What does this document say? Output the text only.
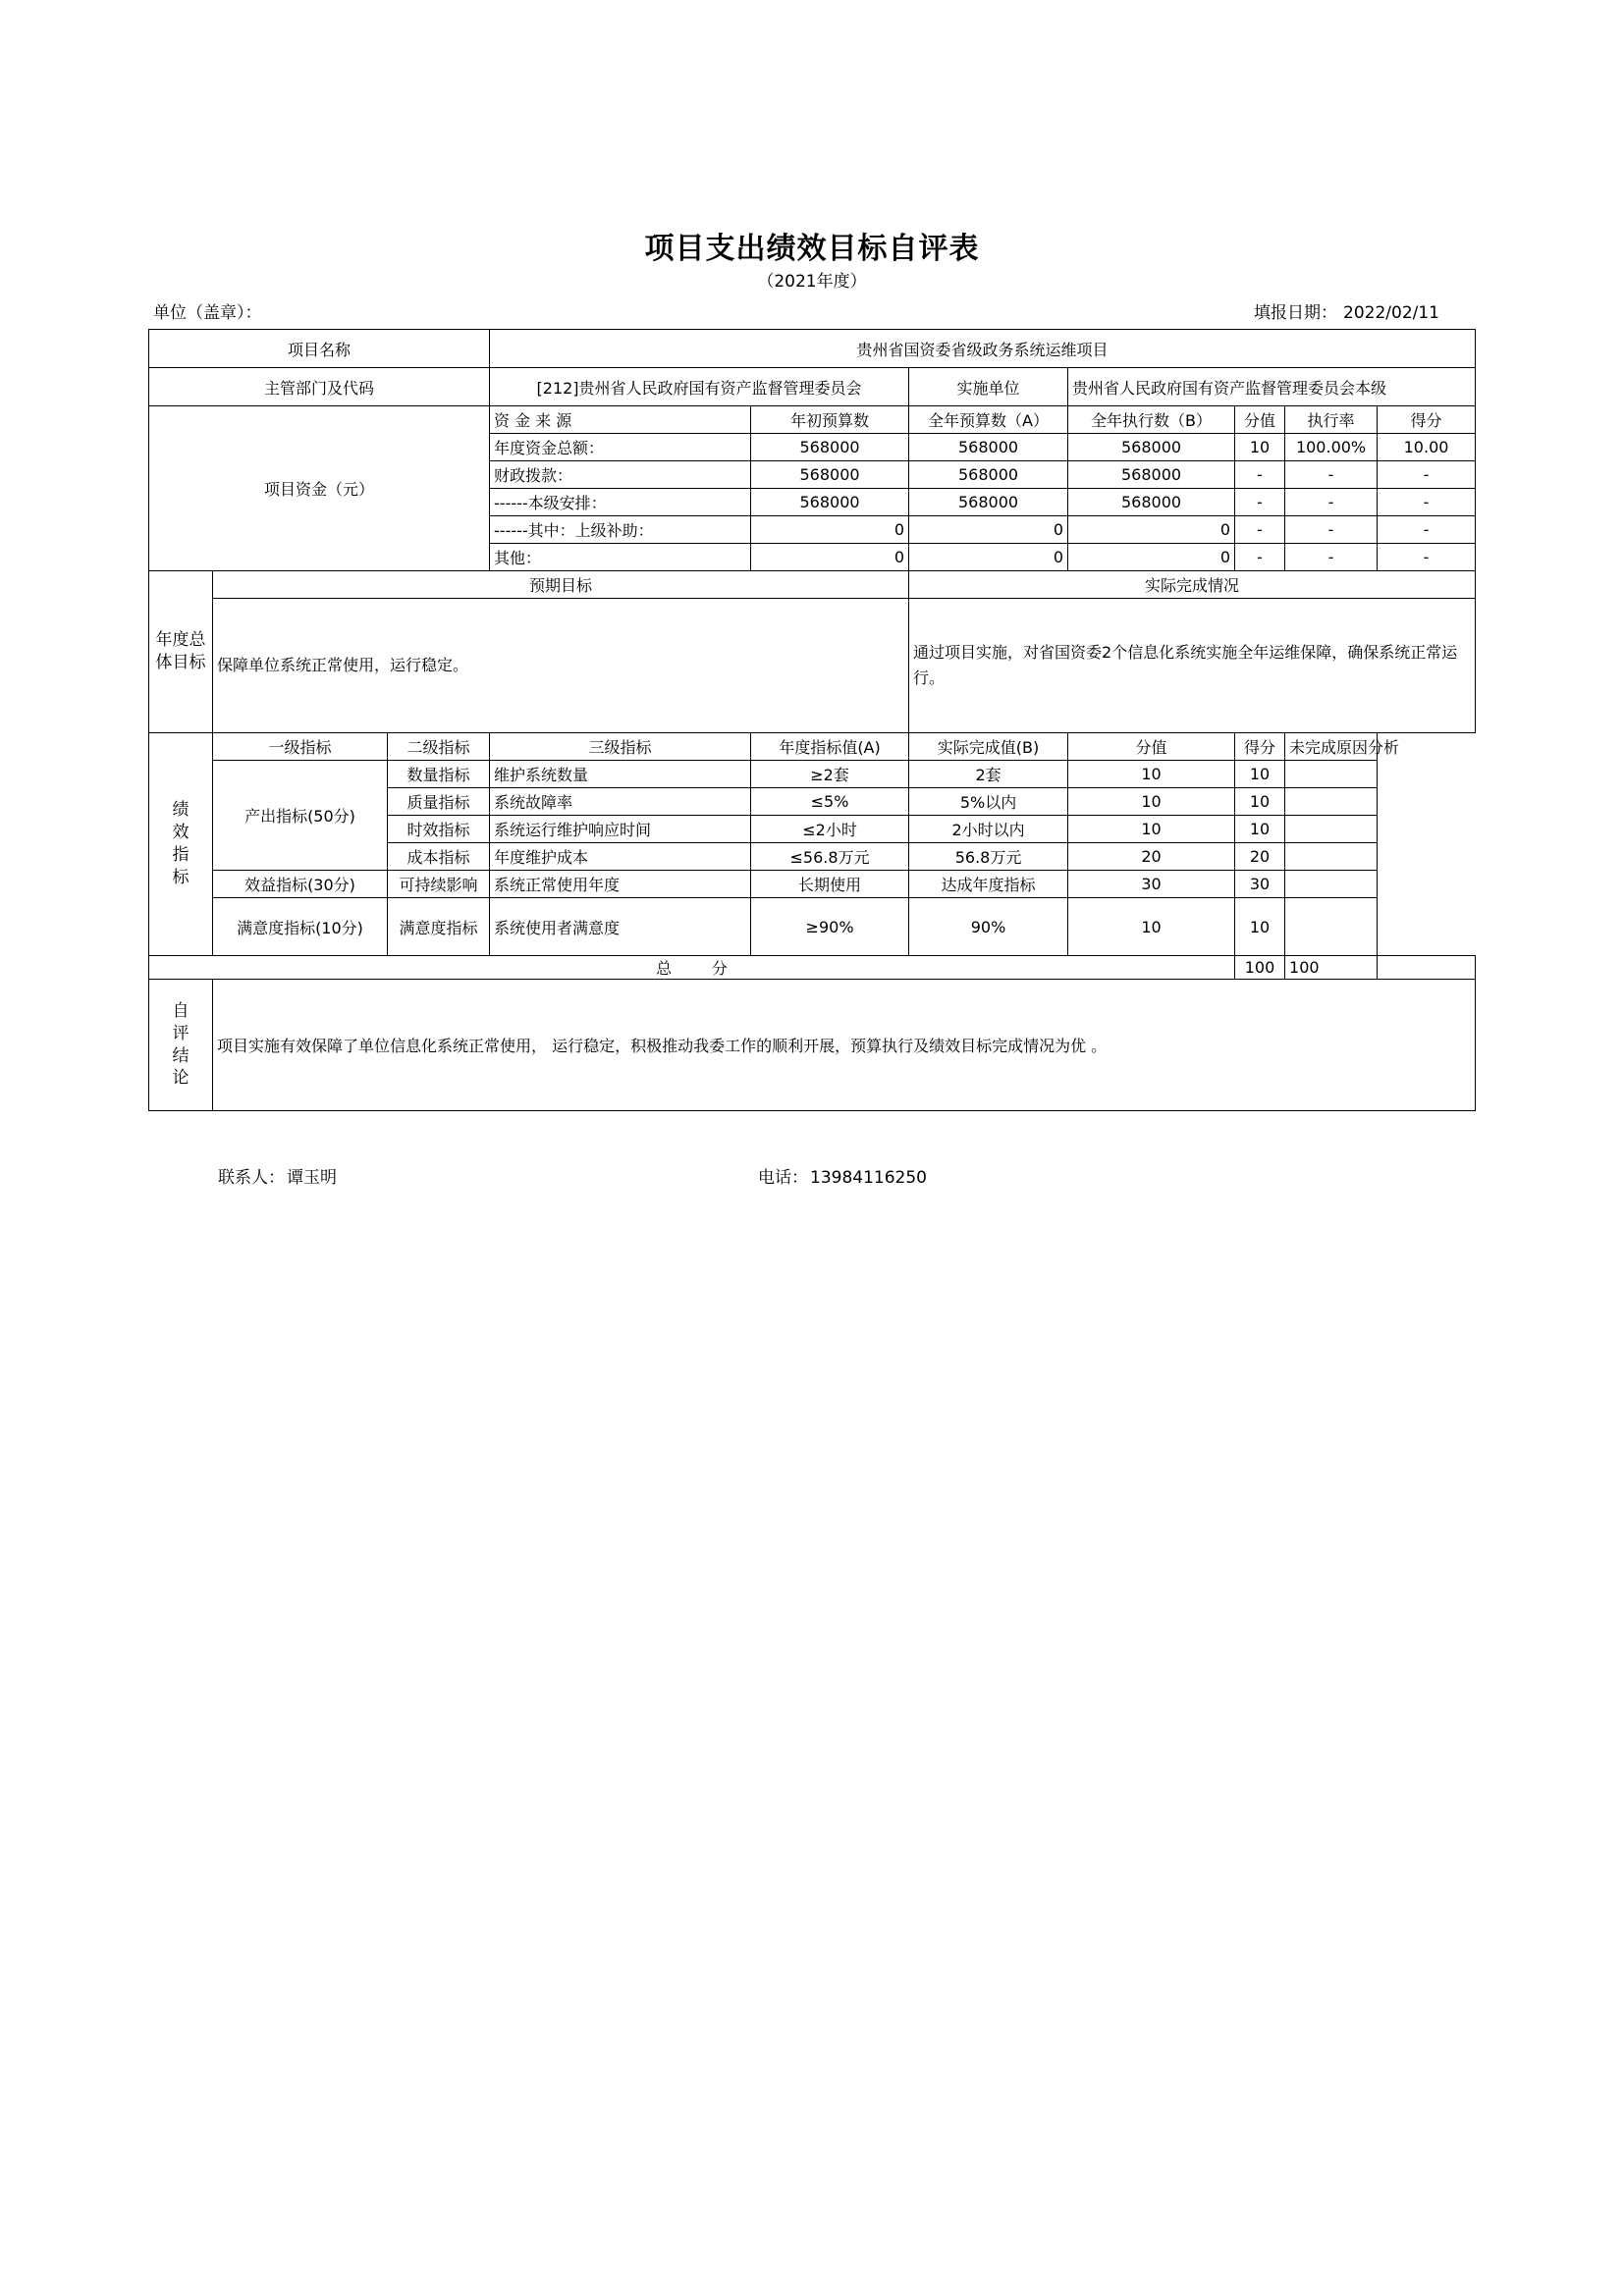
项目支出绩效目标自评表
（2021年度）
单位（盖章）：	填报日期： 2022/02/11
项目名称			贵州省国资委省级政务系统运维项目						
主管部门及代码			[212]贵州省人民政府国有资产监督管理委员会		实施单位	贵州省人民政府国有资产监督管理委员会本级			
项目资金（元）			资 金 来 源	年初预算数	全年预算数（A）	全年执行数（B）	分值	执行率	得分
			年度资金总额：	568000	568000	568000	10	100.00%	10.00
			财政拨款：	568000	568000	568000	-	-	-
			------本级安排：	568000	568000	568000	-	-	-
			------其中：上级补助：	0	0	0	-	-	-
			其他：	0	0	0	-	-	-
年度总体目标	预期目标				实际完成情况				
	保障单位系统正常使用，运行稳定。				通过项目实施，对省国资委2个信息化系统实施全年运维保障，确保系统正常运行。				
绩效指标	一级指标	二级指标	三级指标	年度指标值(A)	实际完成值(B)	分值	得分	未完成原因分析	
	产出指标(50分)	数量指标	维护系统数量	≥2套	2套	10	10		
		质量指标	系统故障率	≤5%	5%以内	10	10		
		时效指标	系统运行维护响应时间	≤2小时	2小时以内	10	10		
		成本指标	年度维护成本	≤56.8万元	56.8万元	20	20		
	效益指标(30分)	可持续影响	系统正常使用年度	长期使用	达成年度指标	30	30		
	满意度指标(10分)	满意度指标	系统使用者满意度	≥90%	90%	10	10		
总        分							100	100	
自评结论	项目实施有效保障了单位信息化系统正常使用， 运行稳定，积极推动我委工作的顺利开展，预算执行及绩效目标完成情况为优 。								
联系人： 谭玉明	电话： 13984116250
